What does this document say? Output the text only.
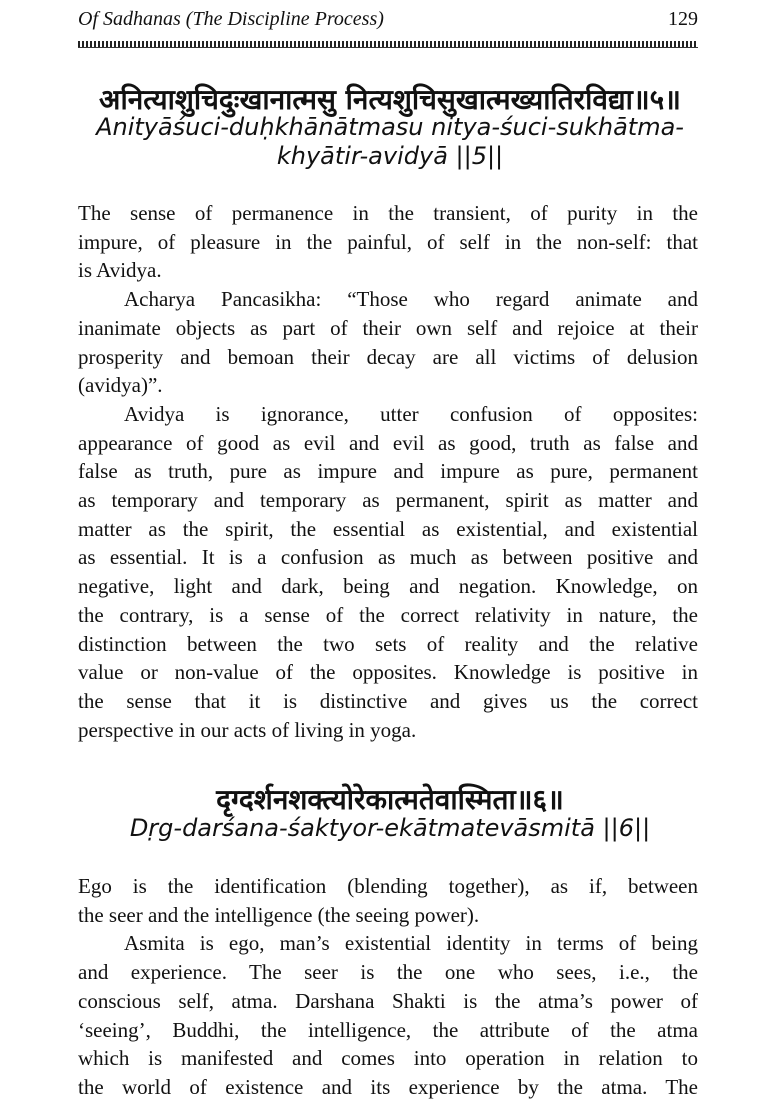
Of Sadhanas (The Discipline Process)	129
अनित्याशुचिदुःखानात्मसु नित्यशुचिसुखात्मख्यातिरविद्या॥५॥
Anityāśuci-duḥkhānātmasu nitya-śuci-sukhātma-
khyātir-avidyā ||5||
The sense of permanence in the transient, of purity in the
impure, of pleasure in the painful, of self in the non-self: that
is Avidya.
Acharya Pancasikha: “Those who regard animate and
inanimate objects as part of their own self and rejoice at their
prosperity and bemoan their decay are all victims of delusion
(avidya)”.
Avidya is ignorance, utter confusion of opposites:
appearance of good as evil and evil as good, truth as false and
false as truth, pure as impure and impure as pure, permanent
as temporary and temporary as permanent, spirit as matter and
matter as the spirit, the essential as existential, and existential
as essential. It is a confusion as much as between positive and
negative, light and dark, being and negation. Knowledge, on
the contrary, is a sense of the correct relativity in nature, the
distinction between the two sets of reality and the relative
value or non-value of the opposites. Knowledge is positive in
the sense that it is distinctive and gives us the correct
perspective in our acts of living in yoga.
दृग्दर्शनशक्त्योरेकात्मतेवास्मिता॥६॥
Dṛg-darśana-śaktyor-ekātmatevāsmitā ||6||
Ego is the identification (blending together), as if, between
the seer and the intelligence (the seeing power).
Asmita is ego, man’s existential identity in terms of being
and experience. The seer is the one who sees, i.e., the
conscious self, atma. Darshana Shakti is the atma’s power of
‘seeing’, Buddhi, the intelligence, the attribute of the atma
which is manifested and comes into operation in relation to
the world of existence and its experience by the atma. The
